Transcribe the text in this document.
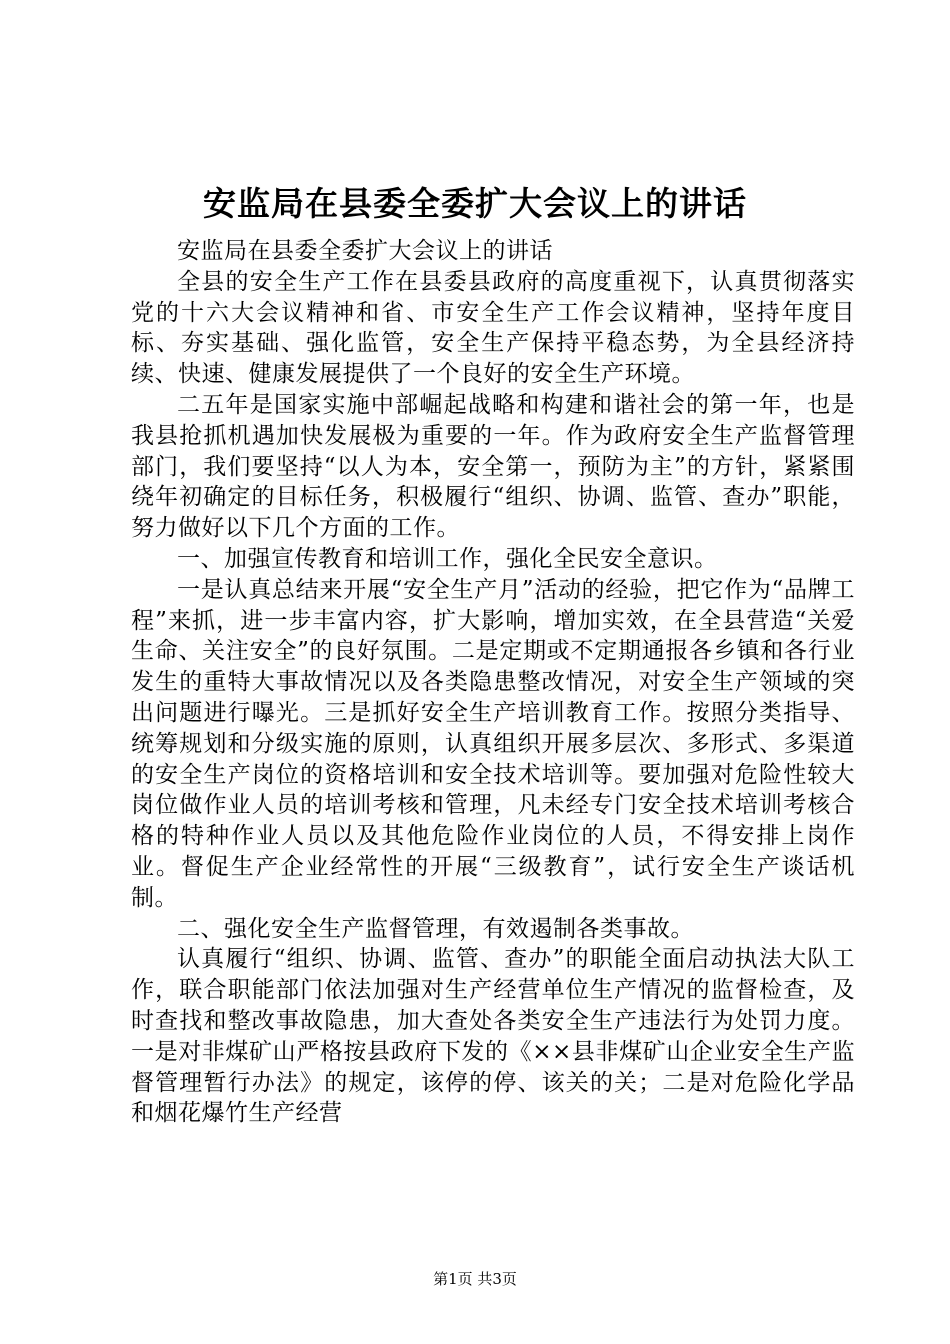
安监局在县委全委扩大会议上的讲话

安监局在县委全委扩大会议上的讲话

全县的安全生产工作在县委县政府的高度重视下，认真贯彻落实党的十六大会议精神和省、市安全生产工作会议精神，坚持年度目标、夯实基础、强化监管，安全生产保持平稳态势，为全县经济持续、快速、健康发展提供了一个良好的安全生产环境。

二五年是国家实施中部崛起战略和构建和谐社会的第一年，也是我县抢抓机遇加快发展极为重要的一年。作为政府安全生产监督管理部门，我们要坚持“以人为本，安全第一，预防为主”的方针，紧紧围绕年初确定的目标任务，积极履行“组织、协调、监管、查办”职能，努力做好以下几个方面的工作。

一、加强宣传教育和培训工作，强化全民安全意识。

一是认真总结来开展“安全生产月”活动的经验，把它作为“品牌工程”来抓，进一步丰富内容，扩大影响，增加实效，在全县营造“关爱生命、关注安全”的良好氛围。二是定期或不定期通报各乡镇和各行业发生的重特大事故情况以及各类隐患整改情况，对安全生产领域的突出问题进行曝光。三是抓好安全生产培训教育工作。按照分类指导、统筹规划和分级实施的原则，认真组织开展多层次、多形式、多渠道的安全生产岗位的资格培训和安全技术培训等。要加强对危险性较大岗位做作业人员的培训考核和管理，凡未经专门安全技术培训考核合格的特种作业人员以及其他危险作业岗位的人员，不得安排上岗作业。督促生产企业经常性的开展“三级教育”，试行安全生产谈话机制。

二、强化安全生产监督管理，有效遏制各类事故。

认真履行“组织、协调、监管、查办”的职能全面启动执法大队工作，联合职能部门依法加强对生产经营单位生产情况的监督检查，及时查找和整改事故隐患，加大查处各类安全生产违法行为处罚力度。一是对非煤矿山严格按县政府下发的《××县非煤矿山企业安全生产监督管理暂行办法》的规定，该停的停、该关的关；二是对危险化学品和烟花爆竹生产经营

第1页 共3页
